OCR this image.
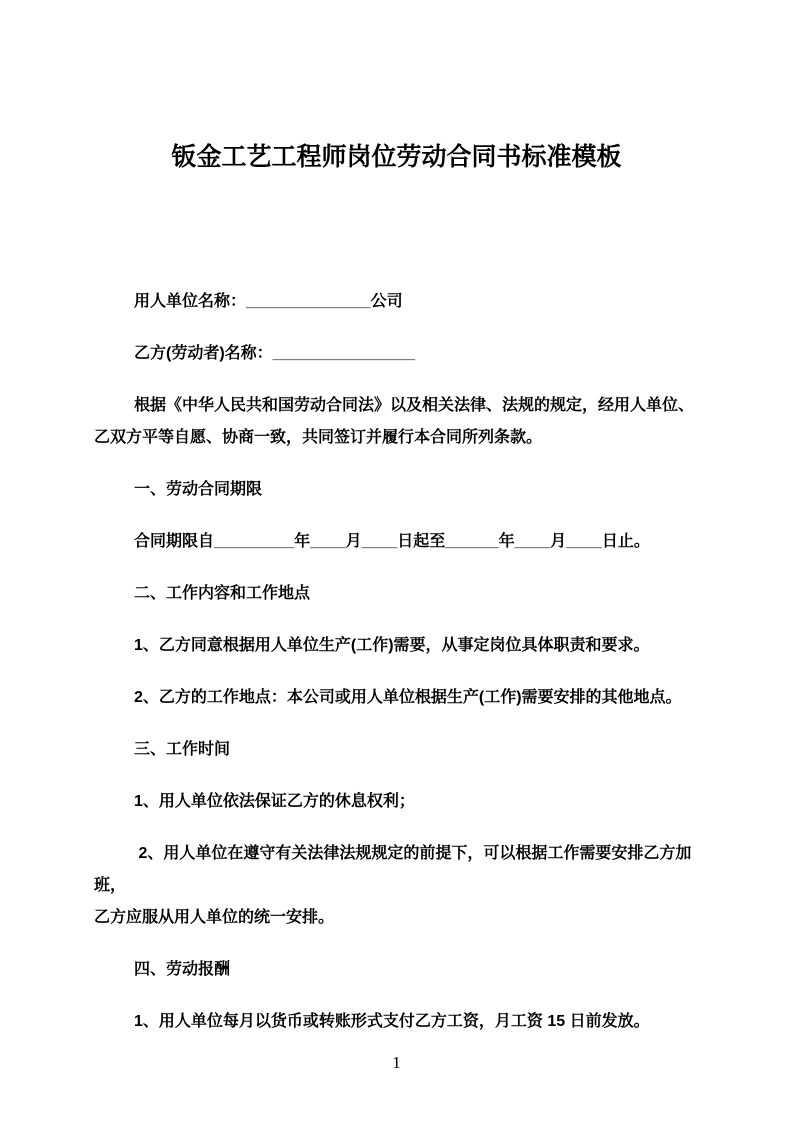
钣金工艺工程师岗位劳动合同书标准模板
用人单位名称：______________公司
乙方(劳动者)名称：________________
根据《中华人民共和国劳动合同法》以及相关法律、法规的规定，经用人单位、
乙双方平等自愿、协商一致，共同签订并履行本合同所列条款。
一、劳动合同期限
合同期限自_________年____月____日起至______年____月____日止。
二、工作内容和工作地点
1、乙方同意根据用人单位生产(工作)需要，从事定岗位具体职责和要求。
2、乙方的工作地点：本公司或用人单位根据生产(工作)需要安排的其他地点。
三、工作时间
1、用人单位依法保证乙方的休息权利；
2、用人单位在遵守有关法律法规规定的前提下，可以根据工作需要安排乙方加班，
乙方应服从用人单位的统一安排。
四、劳动报酬
1、用人单位每月以货币或转账形式支付乙方工资，月工资 15 日前发放。
1
